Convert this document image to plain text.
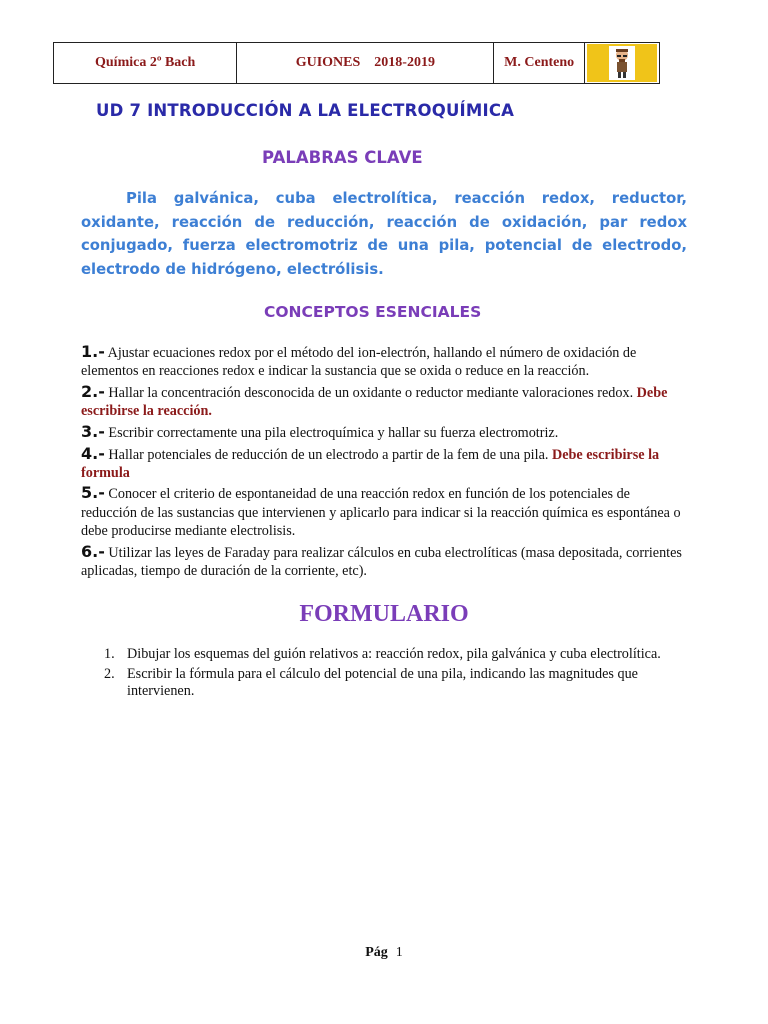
Química 2º Bach	GUIONES    2018-2019	M. Centeno
UD 7 INTRODUCCIÓN A LA ELECTROQUÍMICA
PALABRAS CLAVE
Pila galvánica, cuba electrolítica, reacción redox, reductor, oxidante, reacción de reducción, reacción de oxidación, par redox conjugado, fuerza electromotriz de una pila, potencial de electrodo, electrodo de hidrógeno, electrólisis.
CONCEPTOS ESENCIALES
1.- Ajustar ecuaciones redox por el método del ion-electrón, hallando el número de oxidación de elementos en reacciones redox e indicar la sustancia que se oxida o reduce en la reacción.
2.- Hallar la concentración desconocida de un oxidante o reductor mediante valoraciones redox. Debe escribirse la reacción.
3.- Escribir correctamente una pila electroquímica y hallar su fuerza electromotriz.
4.- Hallar potenciales de reducción de un electrodo a partir de la fem de una pila. Debe escribirse la formula
5.- Conocer el criterio de espontaneidad de una reacción redox en función de los potenciales de reducción de las sustancias que intervienen y aplicarlo para indicar si la reacción química es espontánea o debe producirse mediante electrolisis.
6.- Utilizar las leyes de Faraday para realizar cálculos en cuba electrolíticas (masa depositada, corrientes aplicadas, tiempo de duración de la corriente, etc).
FORMULARIO
1. Dibujar los esquemas del guión relativos a: reacción redox, pila galvánica y cuba electrolítica.
2. Escribir la fórmula para el cálculo del potencial de una pila, indicando las magnitudes que intervienen.
Pág 1
